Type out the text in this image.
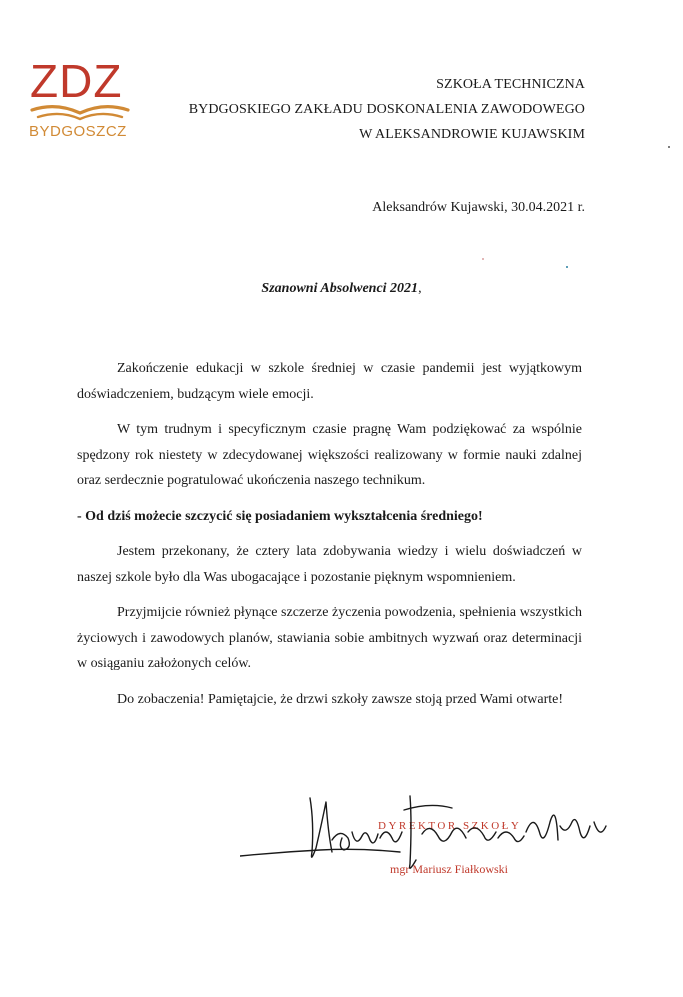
ZDZ
BYDGOSZCZ
SZKOŁA TECHNICZNA
BYDGOSKIEGO ZAKŁADU DOSKONALENIA ZAWODOWEGO
W ALEKSANDROWIE KUJAWSKIM
Aleksandrów Kujawski, 30.04.2021 r.
Szanowni Absolwenci 2021,

Zakończenie edukacji w szkole średniej w czasie pandemii jest wyjątkowym doświadczeniem, budzącym wiele emocji.

W tym trudnym i specyficznym czasie pragnę Wam podziękować za wspólnie spędzony rok niestety w zdecydowanej większości realizowany w formie nauki zdalnej oraz serdecznie pogratulować ukończenia naszego technikum.

- Od dziś możecie szczycić się posiadaniem wykształcenia średniego!

Jestem przekonany, że cztery lata zdobywania wiedzy i wielu doświadczeń w naszej szkole było dla Was ubogacające i pozostanie pięknym wspomnieniem.

Przyjmijcie również płynące szczerze życzenia powodzenia, spełnienia wszystkich życiowych i zawodowych planów, stawiania sobie ambitnych wyzwań oraz determinacji w osiąganiu założonych celów.

Do zobaczenia! Pamiętajcie, że drzwi szkoły zawsze stoją przed Wami otwarte!

DYREKTOR SZKOŁY
mgr Mariusz Fiałkowski
